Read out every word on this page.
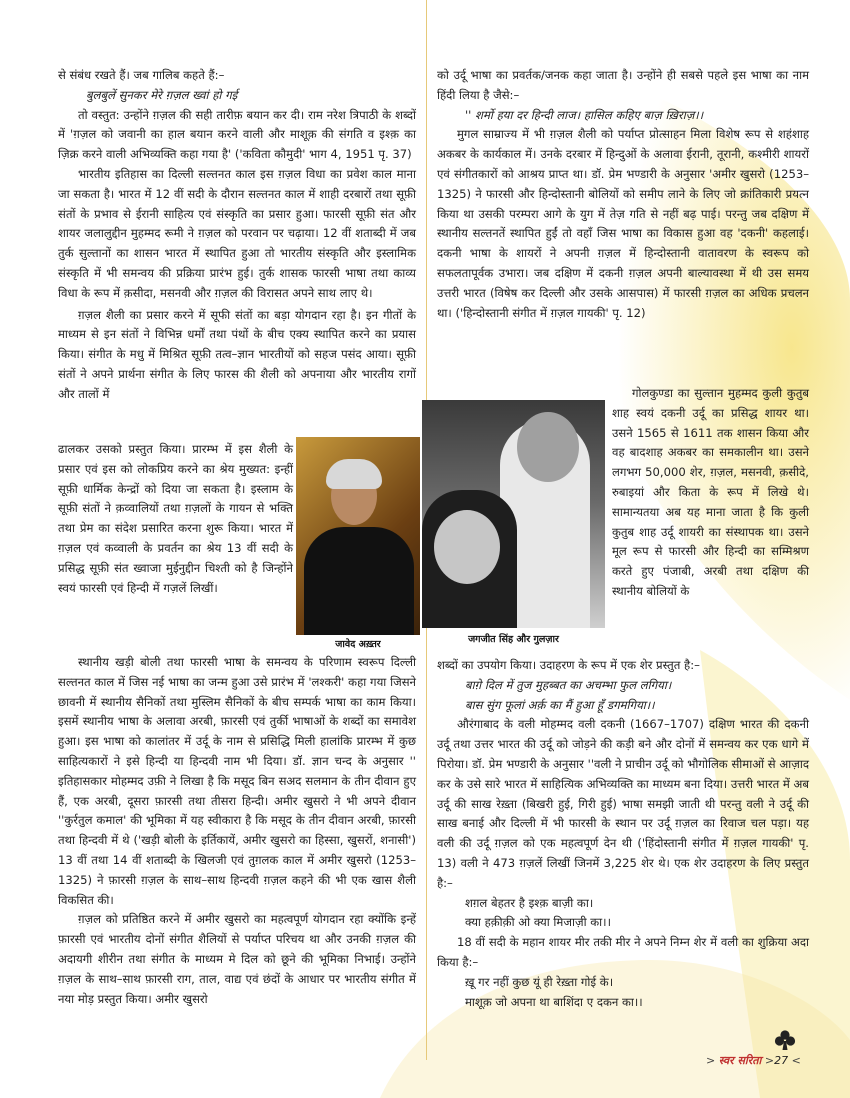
से संबंध रखते हैं। जब गालिब कहते हैं:–

बुलबुलें सुनकर मेरे ग़ज़ल ख्वां हो गई

तो वस्तुत: उन्होंने ग़ज़ल की सही तारीफ़ बयान कर दी। राम नरेश त्रिपाठी के शब्दों में 'ग़ज़ल को जवानी का हाल बयान करने वाली और माशूक़ की संगति व इश्क़ का ज़िक्र करने वाली अभिव्यक्ति कहा गया है' ('कविता कौमुदी' भाग 4, 1951 पृ. 37)

भारतीय इतिहास का दिल्ली सल्तनत काल इस ग़ज़ल विधा का प्रवेश काल माना जा सकता है। भारत में 12 वीं सदी के दौरान सल्तनत काल में शाही दरबारों तथा सूफ़ी संतों के प्रभाव से ईरानी साहित्य एवं संस्कृति का प्रसार हुआ। फारसी सूफ़ी संत और शायर जलालुद्दीन मुहम्मद रूमी ने ग़ज़ल को परवान पर चढ़ाया। 12 वीं शताब्दी में जब तुर्क सुल्तानों का शासन भारत में स्थापित हुआ तो भारतीय संस्कृति और इस्लामिक संस्कृति में भी समन्वय की प्रक्रिया प्रारंभ हुई। तुर्क शासक फारसी भाषा तथा काव्य विधा के रूप में क़सीदा, मसनवी और ग़ज़ल की विरासत अपने साथ लाए थे।

ग़ज़ल शैली का प्रसार करने में सूफी संतों का बड़ा योगदान रहा है। इन गीतों के माध्यम से इन संतों ने विभिन्न धर्मों तथा पंथों के बीच एक्य स्थापित करने का प्रयास किया। संगीत के मधु में मिश्रित सूफ़ी तत्व–ज्ञान भारतीयों को सहज पसंद आया। सूफ़ी संतों ने अपने प्रार्थना संगीत के लिए फारस की शैली को अपनाया और भारतीय रागों और तालों में

ढालकर उसको प्रस्तुत किया। प्रारम्भ में इस शैली के प्रसार एवं इस को लोकप्रिय करने का श्रेय मुख्यत: इन्हीं सूफ़ी धार्मिक केन्द्रों को दिया जा सकता है। इस्लाम के सूफ़ी संतों ने क़व्वालियों तथा ग़ज़लों के गायन से भक्ति तथा प्रेम का संदेश प्रसारित करना शुरू किया। भारत में ग़ज़ल एवं कव्वाली के प्रवर्तन का श्रेय 13 वीं सदी के प्रसिद्ध सूफ़ी संत ख्वाजा मुईनुद्दीन चिश्ती को है जिन्होंने स्वयं फारसी एवं हिन्दी में गज़लें लिखीं।

स्थानीय खड़ी बोली तथा फारसी भाषा के समन्वय के परिणाम स्वरूप दिल्ली सल्तनत काल में जिस नई भाषा का जन्म हुआ उसे प्रारंभ में 'लश्करी' कहा गया जिसने छावनी में स्थानीय सैनिकों तथा मुस्लिम सैनिकों के बीच सम्पर्क भाषा का काम किया। इसमें स्थानीय भाषा के अलावा अरबी, फ़ारसी एवं तुर्की भाषाओं के शब्दों का समावेश हुआ। इस भाषा को कालांतर में उर्दू के नाम से प्रसिद्धि मिली हालांकि प्रारम्भ में कुछ साहित्यकारों ने इसे हिन्दी या हिन्दवी नाम भी दिया। डॉ. ज्ञान चन्द के अनुसार '' इतिहासकार मोहम्मद उफ़ी ने लिखा है कि मसूद बिन सअद सलमान के तीन दीवान हुए हैं, एक अरबी, दूसरा फ़ारसी तथा तीसरा हिन्दी। अमीर खुसरो ने भी अपने दीवान ''कुर्रतुल कमाल' की भूमिका में यह स्वीकारा है कि मसूद के तीन दीवान अरबी, फ़ारसी तथा हिन्दवी में थे ('खड़ी बोली के इर्तिकायें, अमीर खुसरो का हिस्सा, खुसरों, शनासी') 13 वीं तथा 14 वीं शताब्दी के खिलजी एवं तुग़लक काल में अमीर खुसरो (1253–1325) ने फ़ारसी ग़ज़ल के साथ–साथ हिन्दवी ग़ज़ल कहने की भी एक खास शैली विकसित की।

ग़ज़ल को प्रतिष्ठित करने में अमीर खुसरो का महत्वपूर्ण योगदान रहा क्योंकि इन्हें फ़ारसी एवं भारतीय दोनों संगीत शैलियों से पर्याप्त परिचय था और उनकी ग़ज़ल की अदायगी शीरीन तथा संगीत के माध्यम मे दिल को छूने की भूमिका निभाई। उन्होंने ग़ज़ल के साथ–साथ फ़ारसी राग, ताल, वाद्य एवं छंदों के आधार पर भारतीय संगीत में नया मोड़ प्रस्तुत किया। अमीर खुसरो

को उर्दू भाषा का प्रवर्तक/जनक कहा जाता है। उन्होंने ही सबसे पहले इस भाषा का नाम हिंदी लिया है जैसे:–

'' शर्मो हया दर हिन्दी लाज। हासिल कहिए बाज़ ख़िराज़।।

मुगल साम्राज्य में भी ग़ज़ल शैली को पर्याप्त प्रोत्साहन मिला विशेष रूप से शहंशाह अकबर के कार्यकाल में। उनके दरबार में हिन्दुओं के अलावा ईरानी, तूरानी, कश्मीरी शायरों एवं संगीतकारों को आश्रय प्राप्त था। डॉ. प्रेम भण्डारी के अनुसार 'अमीर खुसरो (1253–1325) ने फारसी और हिन्दोस्तानी बोलियों को समीप लाने के लिए जो क्रांतिकारी प्रयत्न किया था उसकी परम्परा आगे के युग में तेज़ गति से नहीं बढ़ पाई। परन्तु जब दक्षिण में स्थानीय सल्तनतें स्थापित हुईं तो वहाँ जिस भाषा का विकास हुआ वह 'दकनी' कहलाई। दकनी भाषा के शायरों ने अपनी ग़ज़ल में हिन्दोस्तानी वातावरण के स्वरूप को सफलतापूर्वक उभारा। जब दक्षिण में दकनी ग़ज़ल अपनी बाल्यावस्था में थी उस समय उत्तरी भारत (विषेष कर दिल्ली और उसके आसपास) में फारसी ग़ज़ल का अधिक प्रचलन था। ('हिन्दोस्तानी संगीत में ग़ज़ल गायकी' पृ. 12)

गोलकुण्डा का सुल्तान मुहम्मद कुली कुतुब शाह स्वयं दकनी उर्दू का प्रसिद्ध शायर था। उसने 1565 से 1611 तक शासन किया और वह बादशाह अकबर का समकालीन था। उसने लगभग 50,000 शेर, ग़ज़ल, मसनवी, क़सीदे, रुबाइयां और किता के रूप में लिखे थे। सामान्यतया अब यह माना जाता है कि कुली कुतुब शाह उर्दू शायरी का संस्थापक था। उसने मूल रूप से फारसी और हिन्दी का सम्मिश्रण करते हुए पंजाबी, अरबी तथा दक्षिण की स्थानीय बोलियों के

शब्दों का उपयोग किया। उदाहरण के रूप में एक शेर प्रस्तुत है:–

बाग़े दिल में तुज मुहब्बत का अचम्भा फुल लगिया।

बास सुंग फूलां अर्क़ का मैं हुआ हूँ डगमगिया।।

औरंगाबाद के वली मोहम्मद वली दकनी (1667–1707) दक्षिण भारत की दकनी उर्दू तथा उत्तर भारत की उर्दू को जोड़ने की कड़ी बने और दोनों में समन्वय कर एक धागे में पिरोया। डॉ. प्रेम भण्डारी के अनुसार ''वली ने प्राचीन उर्दू को भौगोलिक सीमाओं से आज़ाद कर के उसे सारे भारत में साहित्यिक अभिव्यक्ति का माध्यम बना दिया। उत्तरी भारत में अब उर्दू की साख रेख़्ता (बिखरी हुई, गिरी हुई) भाषा समझी जाती थी परन्तु वली ने उर्दू की साख बनाई और दिल्ली में भी फारसी के स्थान पर उर्दू ग़ज़ल का रिवाज चल पड़ा। यह वली की उर्दू ग़ज़ल को एक महत्वपूर्ण देन थी ('हिंदोस्तानी संगीत में ग़ज़ल गायकी' पृ. 13) वली ने 473 ग़ज़लें लिखीं जिनमें 3,225 शेर थे। एक शेर उदाहरण के लिए प्रस्तुत है:–

शग़ल बेहतर है इश्क़ बाज़ी का।

क्या हक़ीक़ी ओ क्या मिजाज़ी का।।

18 वीं सदी के महान शायर मीर तकी मीर ने अपने निम्न शेर में वली का शुक्रिया अदा किया है:–

ख़ू गर नहीं कुछ यूं ही रेख़्ता गोई के।

माशूक़ जो अपना था बाशिंदा ए दकन का।।

जावेद अख़्तर	जगजीत सिंह और गुलज़ार
> स्वर सरिता >27 <
